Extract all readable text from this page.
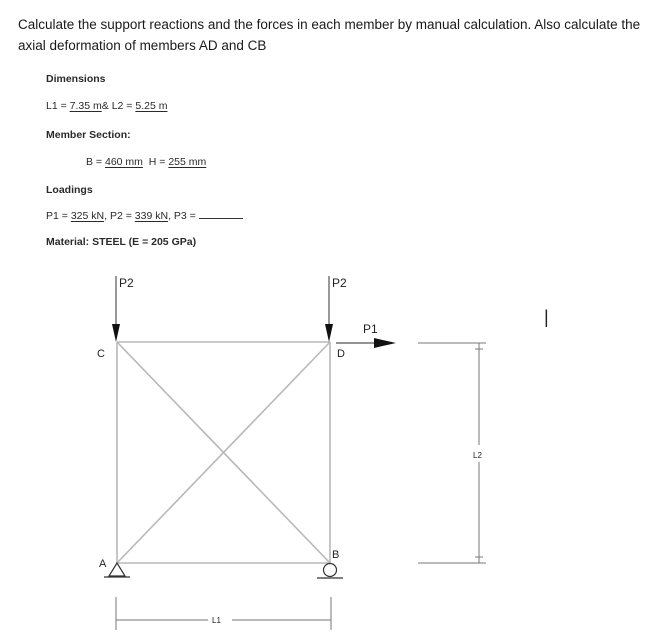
Calculate the support reactions and the forces in each member by manual calculation. Also calculate the axial deformation of members AD and CB
Dimensions
L1 = 7.35 m& L2 = 5.25 m
Member Section:
B = 460 mm H = 255 mm
Loadings
P1 = 325 kN, P2 = 339 kN, P3 =
Material: STEEL (E = 205 GPa)
P2	P2
P1
C	D
A
B
L1
L2
|
